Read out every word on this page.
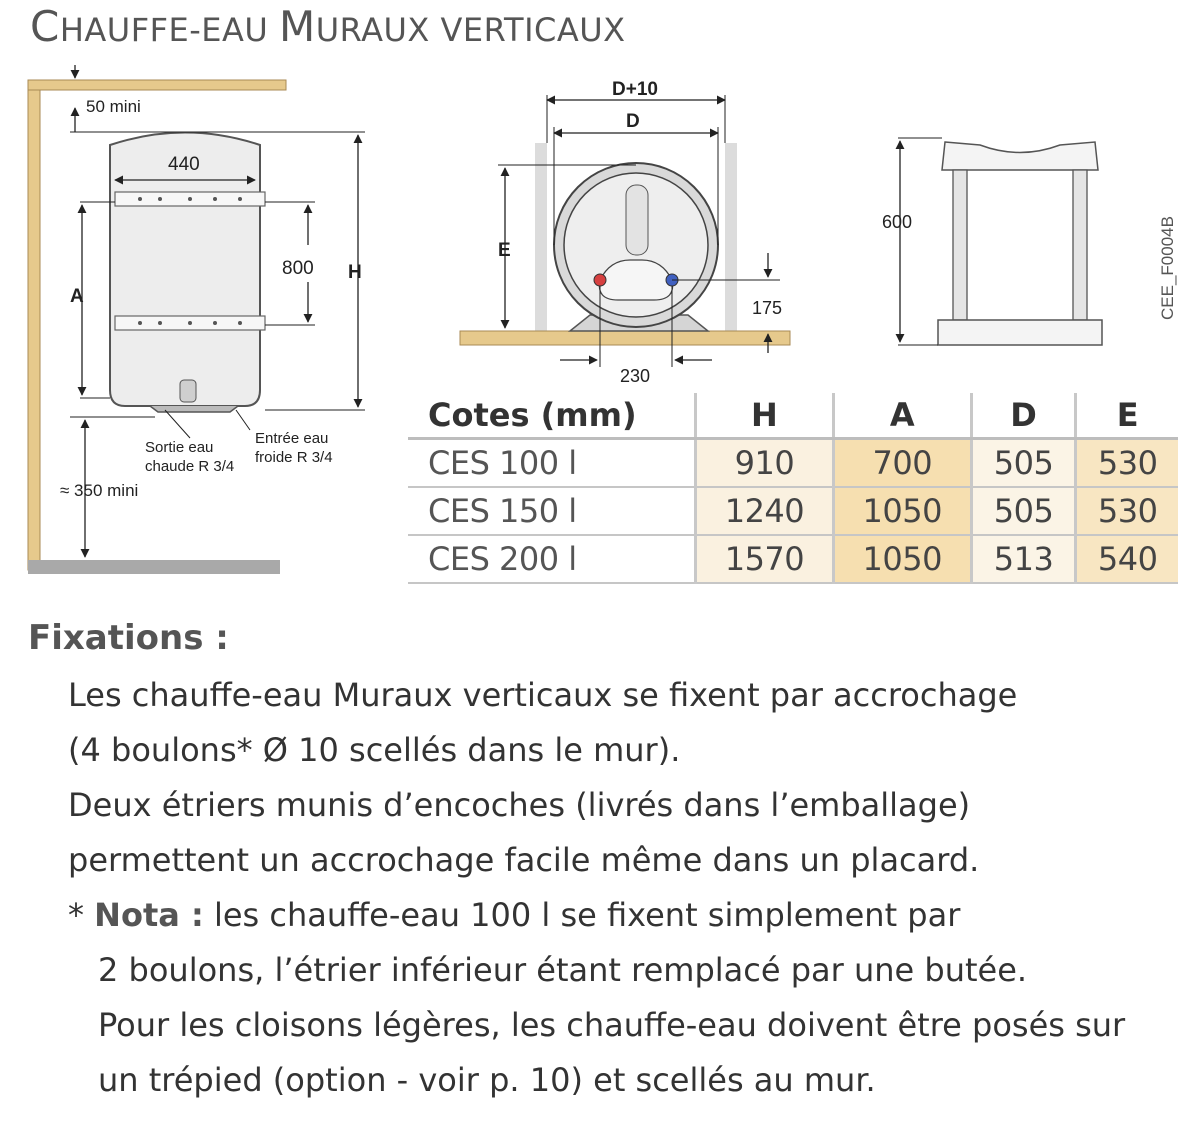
CHAUFFE-EAU MURAUX VERTICAUX
50 mini
440
A
800 H
≈ 350 mini
Sortie eau
chaude R 3/4
Entrée eau
froide R 3/4
D+10
D
E
175
230
600	CEE_F0004B
Cotes (mm)	H	A	D	E
CES 100 l	910	700	505	530
CES 150 l	1240	1050	505	530
CES 200 l	1570	1050	513	540
Fixations :

Les chauffe-eau Muraux verticaux se fixent par accrochage

(4 boulons* Ø 10 scellés dans le mur).

Deux étriers munis d’encoches (livrés dans l’emballage)

permettent un accrochage facile même dans un placard.

* Nota : les chauffe-eau 100 l se fixent simplement par

2 boulons, l’étrier inférieur étant remplacé par une butée.

Pour les cloisons légères, les chauffe-eau doivent être posés sur

un trépied (option - voir p. 10) et scellés au mur.
